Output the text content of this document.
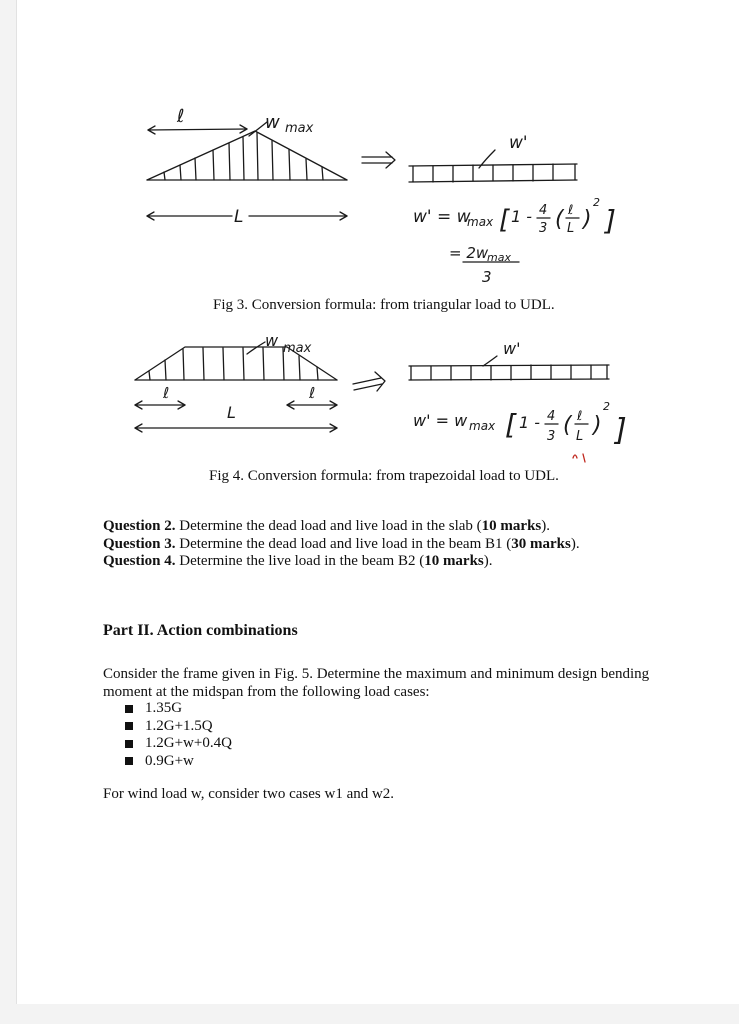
ℓ	w max
L
w'
w' = w
max [ 1 - 4
3 ( ℓ
L )
2
]
= 2w
max
3
w max
ℓ	ℓ
L
w'
w' = w max [ 1 - 4
3 ( ℓ
L )
2
]
Fig 3. Conversion formula: from triangular load to UDL.
Fig 4. Conversion formula: from trapezoidal load to UDL.
Question 2. Determine the dead load and live load in the slab (10 marks).
Question 3. Determine the dead load and live load in the beam B1 (30 marks).
Question 4. Determine the live load in the beam B2 (10 marks).
Part II. Action combinations
Consider the frame given in Fig. 5. Determine the maximum and minimum design bending moment at the midspan from the following load cases:
1.35G
1.2G+1.5Q
1.2G+w+0.4Q
0.9G+w
For wind load w, consider two cases w1 and w2.
